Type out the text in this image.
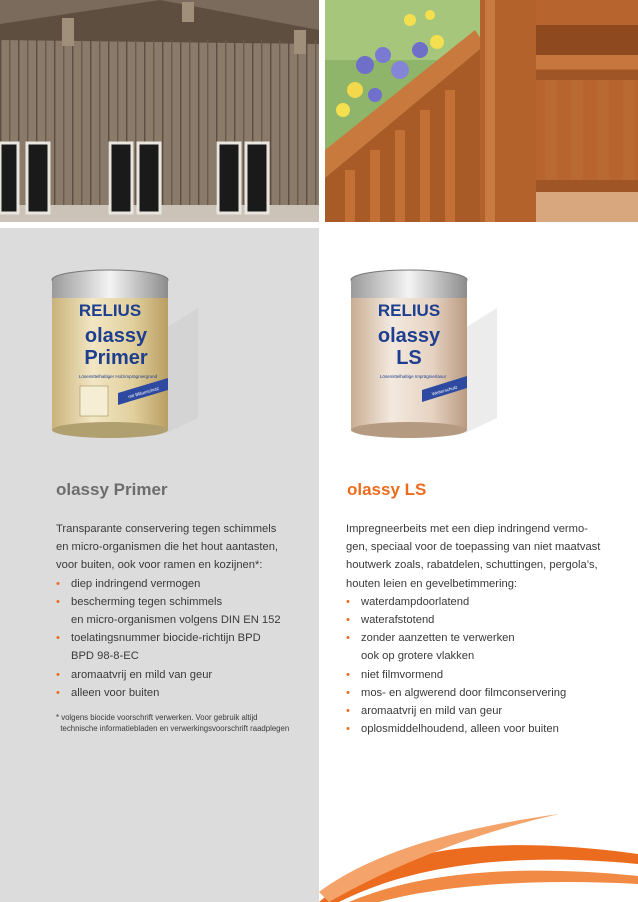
RELIUS
olassy
Primer
Lösemittelhaltiger Holzimprägniergrund
mit Bläueschutz
olassy Primer

Transparante conservering tegen schimmels

en micro-organismen die het hout aantasten,

voor buiten, ook voor ramen en kozijnen*:

• diep indringend vermogen
• bescherming tegen schimmels
en micro-organismen volgens DIN EN 152
• toelatingsnummer biocide-richtijn BPD
BPD 98-8-EC
• aromaatvrij en mild van geur
• alleen voor buiten
* volgens biocide voorschrift verwerken. Voor gebruik altijd
technische informatiebladen en verwerkingsvoorschrift raadplegen
RELIUS
olassy
LS
Lösemittelhaltige Imprägnierlasur
Wetterschutz
olassy LS

Impregneerbeits met een diep indringend vermo-

gen, speciaal voor de toepassing van niet maatvast

houtwerk zoals, rabatdelen, schuttingen, pergola’s,

houten leien en gevelbetimmering:

• waterdampdoorlatend
• waterafstotend
• zonder aanzetten te verwerken
ook op grotere vlakken
• niet filmvormend
• mos- en algwerend door filmconservering
• aromaatvrij en mild van geur
• oplosmiddelhoudend, alleen voor buiten
